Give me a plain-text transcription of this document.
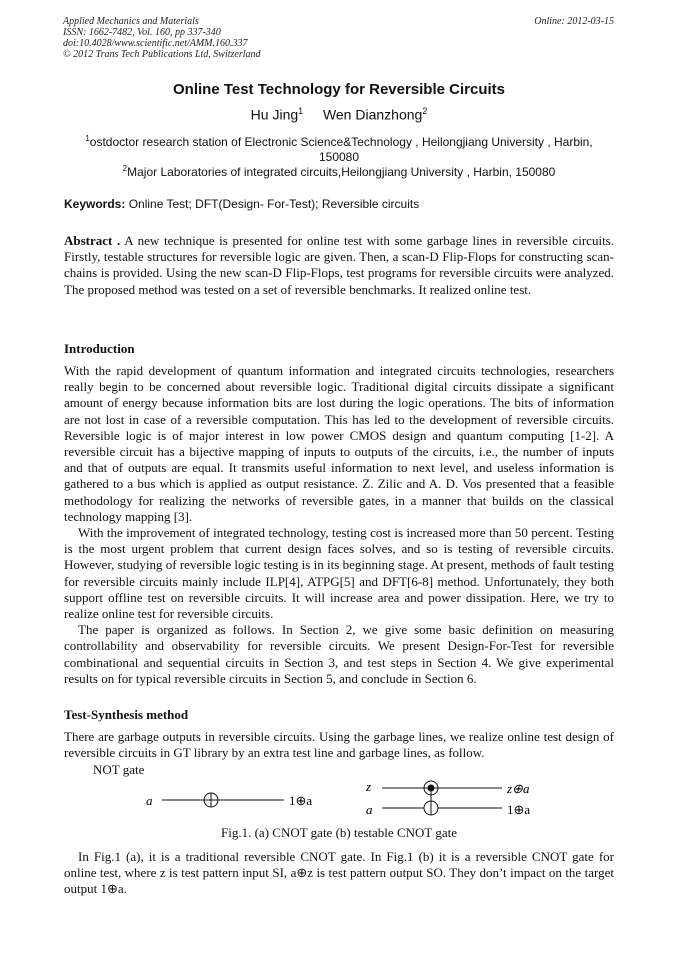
Applied Mechanics and Materials
ISSN: 1662-7482, Vol. 160, pp 337-340
doi:10.4028/www.scientific.net/AMM.160.337
© 2012 Trans Tech Publications Ltd, Switzerland
Online: 2012-03-15
Online Test Technology for Reversible Circuits
Hu Jing$^1$ Wen Dianzhong$^2$
$^1$ostdoctor research station of Electronic Science&Technology , Heilongjiang University , Harbin,
150080
$^2$Major Laboratories of integrated circuits,Heilongjiang University , Harbin, 150080
Keywords: Online Test; DFT(Design- For-Test); Reversible circuits

Abstract . A new technique is presented for online test with some garbage lines in reversible circuits. Firstly, testable structures for reversible logic are given. Then, a scan-D Flip-Flops for constructing scan-chains is provided. Using the new scan-D Flip-Flops, test programs for reversible circuits were analyzed. The proposed method was tested on a set of reversible benchmarks. It realized online test.

Introduction

With the rapid development of quantum information and integrated circuits technologies, researchers really begin to be concerned about reversible logic. Traditional digital circuits dissipate a significant amount of energy because information bits are lost during the logic operations. The bits of information are not lost in case of a reversible computation. This has led to the development of reversible circuits. Reversible logic is of major interest in low power CMOS design and quantum computing [1-2]. A reversible circuit has a bijective mapping of inputs to outputs of the circuits, i.e., the number of inputs and that of outputs are equal. It transmits useful information to next level, and useless information is gathered to a bus which is applied as output resistance. Z. Zilic and A. D. Vos presented that a feasible methodology for realizing the networks of reversible gates, in a manner that builds on the classical technology mapping [3].

With the improvement of integrated technology, testing cost is increased more than 50 percent. Testing is the most urgent problem that current design faces solves, and so is testing of reversible circuits. However, studying of reversible logic testing is in its beginning stage. At present, methods of fault testing for reversible circuits mainly include ILP[4], ATPG[5] and DFT[6-8] method. Unfortunately, they both support offline test on reversible circuits. It will increase area and power dissipation. Here, we try to realize online test for reversible circuits.

The paper is organized as follows. In Section 2, we give some basic definition on measuring controllability and observability for reversible circuits. We present Design-For-Test for reversible combinational and sequential circuits in Section 3, and test steps in Section 4. We give experimental results on for typical reversible circuits in Section 5, and conclude in Section 6.

Test-Synthesis method

There are garbage outputs in reversible circuits. Using the garbage lines, we realize online test design of reversible circuits in GT library by an extra test line and garbage lines, as follow.

NOT gate
a	1⊕a
z	z⊕a
a	1⊕a
Fig.1. (a) CNOT gate (b) testable CNOT gate

In Fig.1 (a), it is a traditional reversible CNOT gate. In Fig.1 (b) it is a reversible CNOT gate for online test, where z is test pattern input SI, a⊕z is test pattern output SO. They don’t impact on the target output 1⊕a.
